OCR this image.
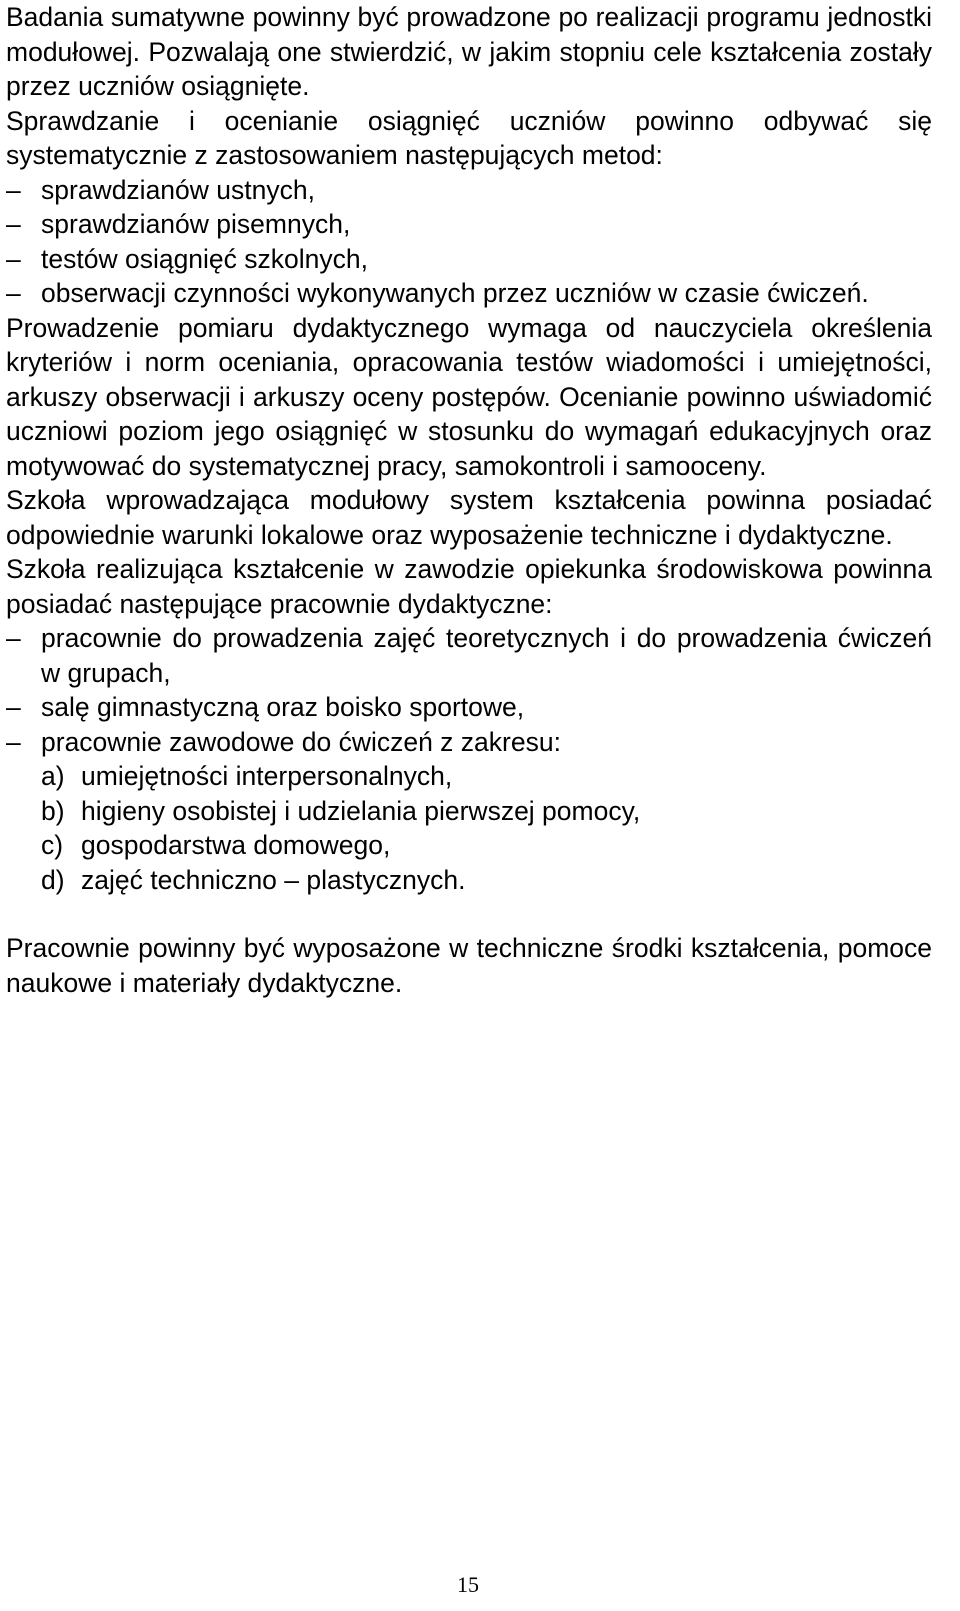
Badania sumatywne powinny być prowadzone po realizacji programu jednostki modułowej. Pozwalają one stwierdzić, w jakim stopniu cele kształcenia zostały przez uczniów osiągnięte.

Sprawdzanie i ocenianie osiągnięć uczniów powinno odbywać się systematycznie z zastosowaniem następujących metod:

– sprawdzianów ustnych,
– sprawdzianów pisemnych,
– testów osiągnięć szkolnych,
– obserwacji czynności wykonywanych przez uczniów w czasie ćwiczeń.

Prowadzenie pomiaru dydaktycznego wymaga od nauczyciela określenia kryteriów i norm oceniania, opracowania testów wiadomości i umiejętności, arkuszy obserwacji i arkuszy oceny postępów. Ocenianie powinno uświadomić uczniowi poziom jego osiągnięć w stosunku do wymagań edukacyjnych oraz motywować do systematycznej pracy, samokontroli i samooceny.

Szkoła wprowadzająca modułowy system kształcenia powinna posiadać odpowiednie warunki lokalowe oraz wyposażenie techniczne i dydaktyczne.

Szkoła realizująca kształcenie w zawodzie opiekunka środowiskowa powinna posiadać następujące pracownie dydaktyczne:

– pracownie do prowadzenia zajęć teoretycznych i do prowadzenia ćwiczeń w grupach,
– salę gimnastyczną oraz boisko sportowe,
– pracownie zawodowe do ćwiczeń z zakresu:
a) umiejętności interpersonalnych,
b) higieny osobistej i udzielania pierwszej pomocy,
c) gospodarstwa domowego,
d) zajęć techniczno – plastycznych.

Pracownie powinny być wyposażone w techniczne środki kształcenia, pomoce naukowe i materiały dydaktyczne.

15
